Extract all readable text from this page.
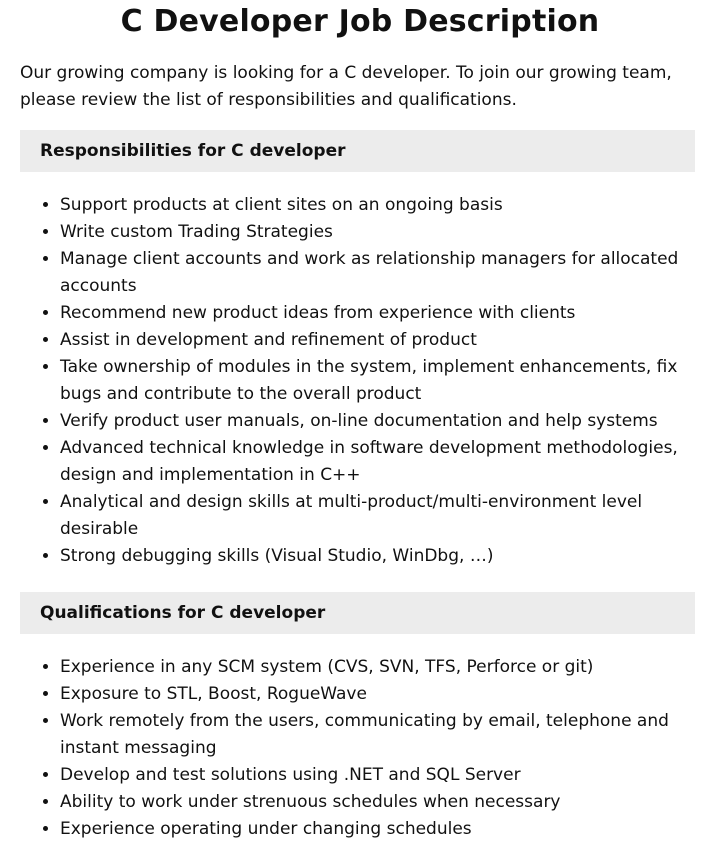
C Developer Job Description

Our growing company is looking for a C developer. To join our growing team, please review the list of responsibilities and qualifications.

Responsibilities for C developer
• Support products at client sites on an ongoing basis
• Write custom Trading Strategies
• Manage client accounts and work as relationship managers for allocated accounts
• Recommend new product ideas from experience with clients
• Assist in development and refinement of product
• Take ownership of modules in the system, implement enhancements, fix bugs and contribute to the overall product
• Verify product user manuals, on-line documentation and help systems
• Advanced technical knowledge in software development methodologies, design and implementation in C++
• Analytical and design skills at multi-product/multi-environment level desirable
• Strong debugging skills (Visual Studio, WinDbg, …)
Qualifications for C developer
• Experience in any SCM system (CVS, SVN, TFS, Perforce or git)
• Exposure to STL, Boost, RogueWave
• Work remotely from the users, communicating by email, telephone and instant messaging
• Develop and test solutions using .NET and SQL Server
• Ability to work under strenuous schedules when necessary
• Experience operating under changing schedules
